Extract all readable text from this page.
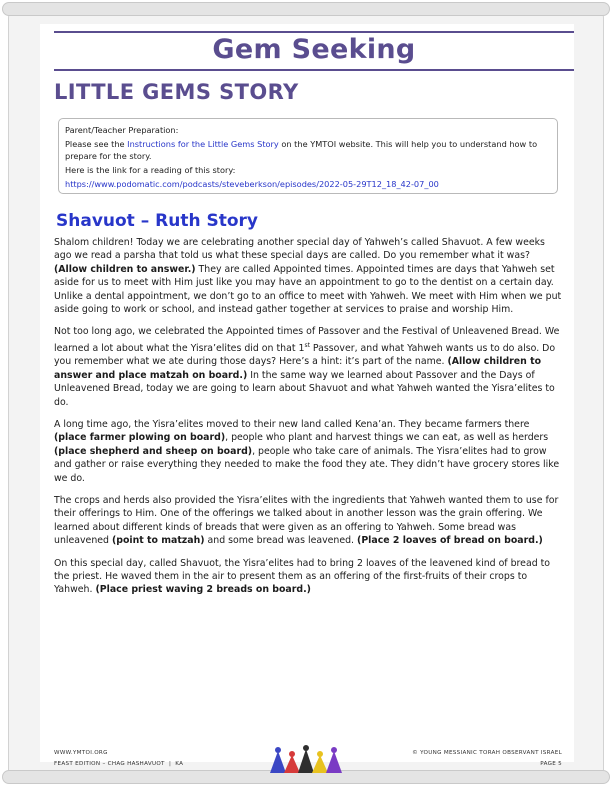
Gem Seeking
LITTLE GEMS STORY

Parent/Teacher Preparation:

Please see the Instructions for the Little Gems Story on the YMTOI website. This will help you to understand how to prepare for the story.

Here is the link for a reading of this story:

https://www.podomatic.com/podcasts/steveberkson/episodes/2022-05-29T12_18_42-07_00

Shavuot – Ruth Story

Shalom children! Today we are celebrating another special day of Yahweh’s called Shavuot. A few weeks ago we read a parsha that told us what these special days are called. Do you remember what it was? (Allow children to answer.) They are called Appointed times. Appointed times are days that Yahweh set aside for us to meet with Him just like you may have an appointment to go to the dentist on a certain day. Unlike a dental appointment, we don’t go to an office to meet with Yahweh. We meet with Him when we put aside going to work or school, and instead gather together at services to praise and worship Him.

Not too long ago, we celebrated the Appointed times of Passover and the Festival of Unleavened Bread. We learned a lot about what the Yisra’elites did on that 1st Passover, and what Yahweh wants us to do also. Do you remember what we ate during those days? Here’s a hint: it’s part of the name. (Allow children to answer and place matzah on board.) In the same way we learned about Passover and the Days of Unleavened Bread, today we are going to learn about Shavuot and what Yahweh wanted the Yisra’elites to do.

A long time ago, the Yisra’elites moved to their new land called Kena’an. They became farmers there (place farmer plowing on board), people who plant and harvest things we can eat, as well as herders (place shepherd and sheep on board), people who take care of animals. The Yisra’elites had to grow and gather or raise everything they needed to make the food they ate. They didn’t have grocery stores like we do.

The crops and herds also provided the Yisra’elites with the ingredients that Yahweh wanted them to use for their offerings to Him. One of the offerings we talked about in another lesson was the grain offering. We learned about different kinds of breads that were given as an offering to Yahweh. Some bread was unleavened (point to matzah) and some bread was leavened. (Place 2 loaves of bread on board.)

On this special day, called Shavuot, the Yisra’elites had to bring 2 loaves of the leavened kind of bread to the priest. He waved them in the air to present them as an offering of the first-fruits of their crops to Yahweh. (Place priest waving 2 breads on board.)

WWW.YMTOI.ORG
FEAST EDITION – CHAG HASHAVUOT | KA
© YOUNG MESSIANIC TORAH OBSERVANT ISRAEL
PAGE 5
